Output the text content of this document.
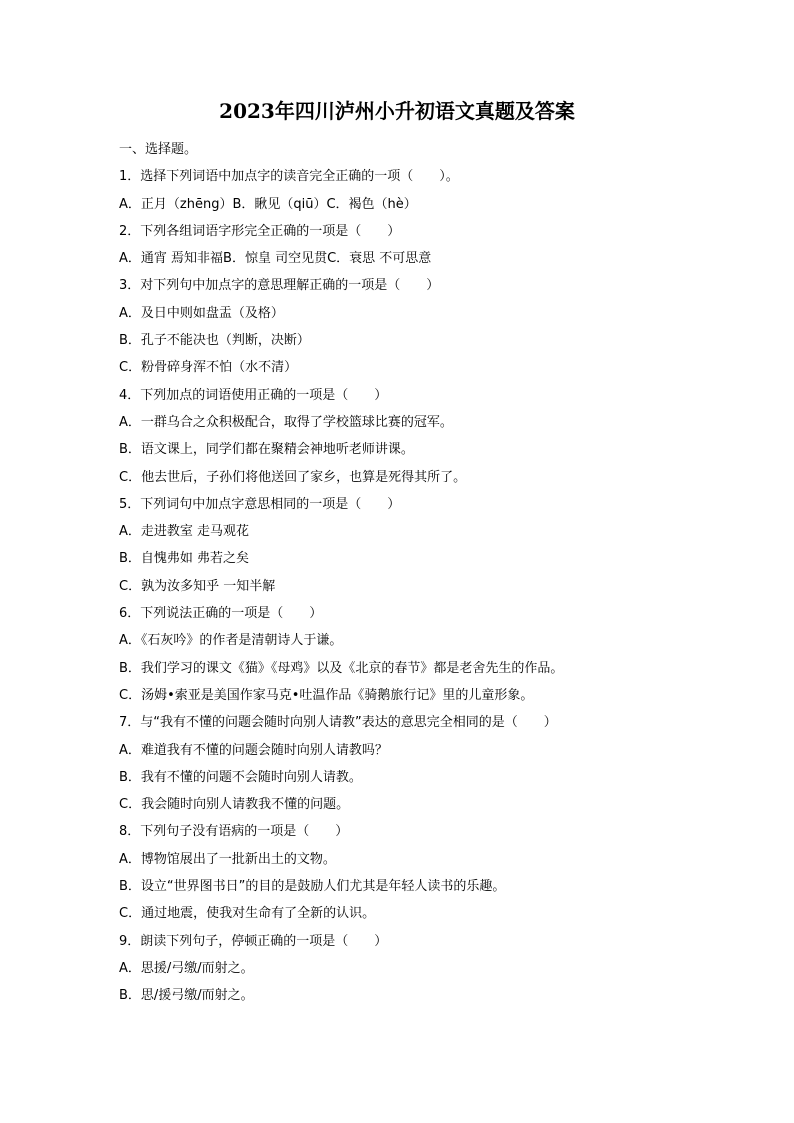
2023年四川泸州小升初语文真题及答案
一、选择题。
1．选择下列词语中加点字的读音完全正确的一项（　　）。
A．正月（zhēng）B．瞅见（qiū）C．褐色（hè）
2．下列各组词语字形完全正确的一项是（　　）
A．通宵 焉知非福B．惊皇 司空见贯C．衰思 不可思意
3．对下列句中加点字的意思理解正确的一项是（　　）
A．及日中则如盘盂（及格）
B．孔子不能决也（判断，决断）
C．粉骨碎身浑不怕（水不清）
4．下列加点的词语使用正确的一项是（　　）
A．一群乌合之众积极配合，取得了学校篮球比赛的冠军。
B．语文课上，同学们都在聚精会神地听老师讲课。
C．他去世后，子孙们将他送回了家乡，也算是死得其所了。
5．下列词句中加点字意思相同的一项是（　　）
A．走进教室 走马观花
B．自愧弗如 弗若之矣
C．孰为汝多知乎 一知半解
6．下列说法正确的一项是（　　）
A．《石灰吟》的作者是清朝诗人于谦。
B．我们学习的课文《猫》《母鸡》以及《北京的春节》都是老舍先生的作品。
C．汤姆•索亚是美国作家马克•吐温作品《骑鹅旅行记》里的儿童形象。
7．与“我有不懂的问题会随时向别人请教”表达的意思完全相同的是（　　）
A．难道我有不懂的问题会随时向别人请教吗？
B．我有不懂的问题不会随时向别人请教。
C．我会随时向别人请教我不懂的问题。
8．下列句子没有语病的一项是（　　）
A．博物馆展出了一批新出土的文物。
B．设立“世界图书日”的目的是鼓励人们尤其是年轻人读书的乐趣。
C．通过地震，使我对生命有了全新的认识。
9．朗读下列句子，停顿正确的一项是（　　）
A．思援/弓缴/而射之。
B．思/援弓缴/而射之。
